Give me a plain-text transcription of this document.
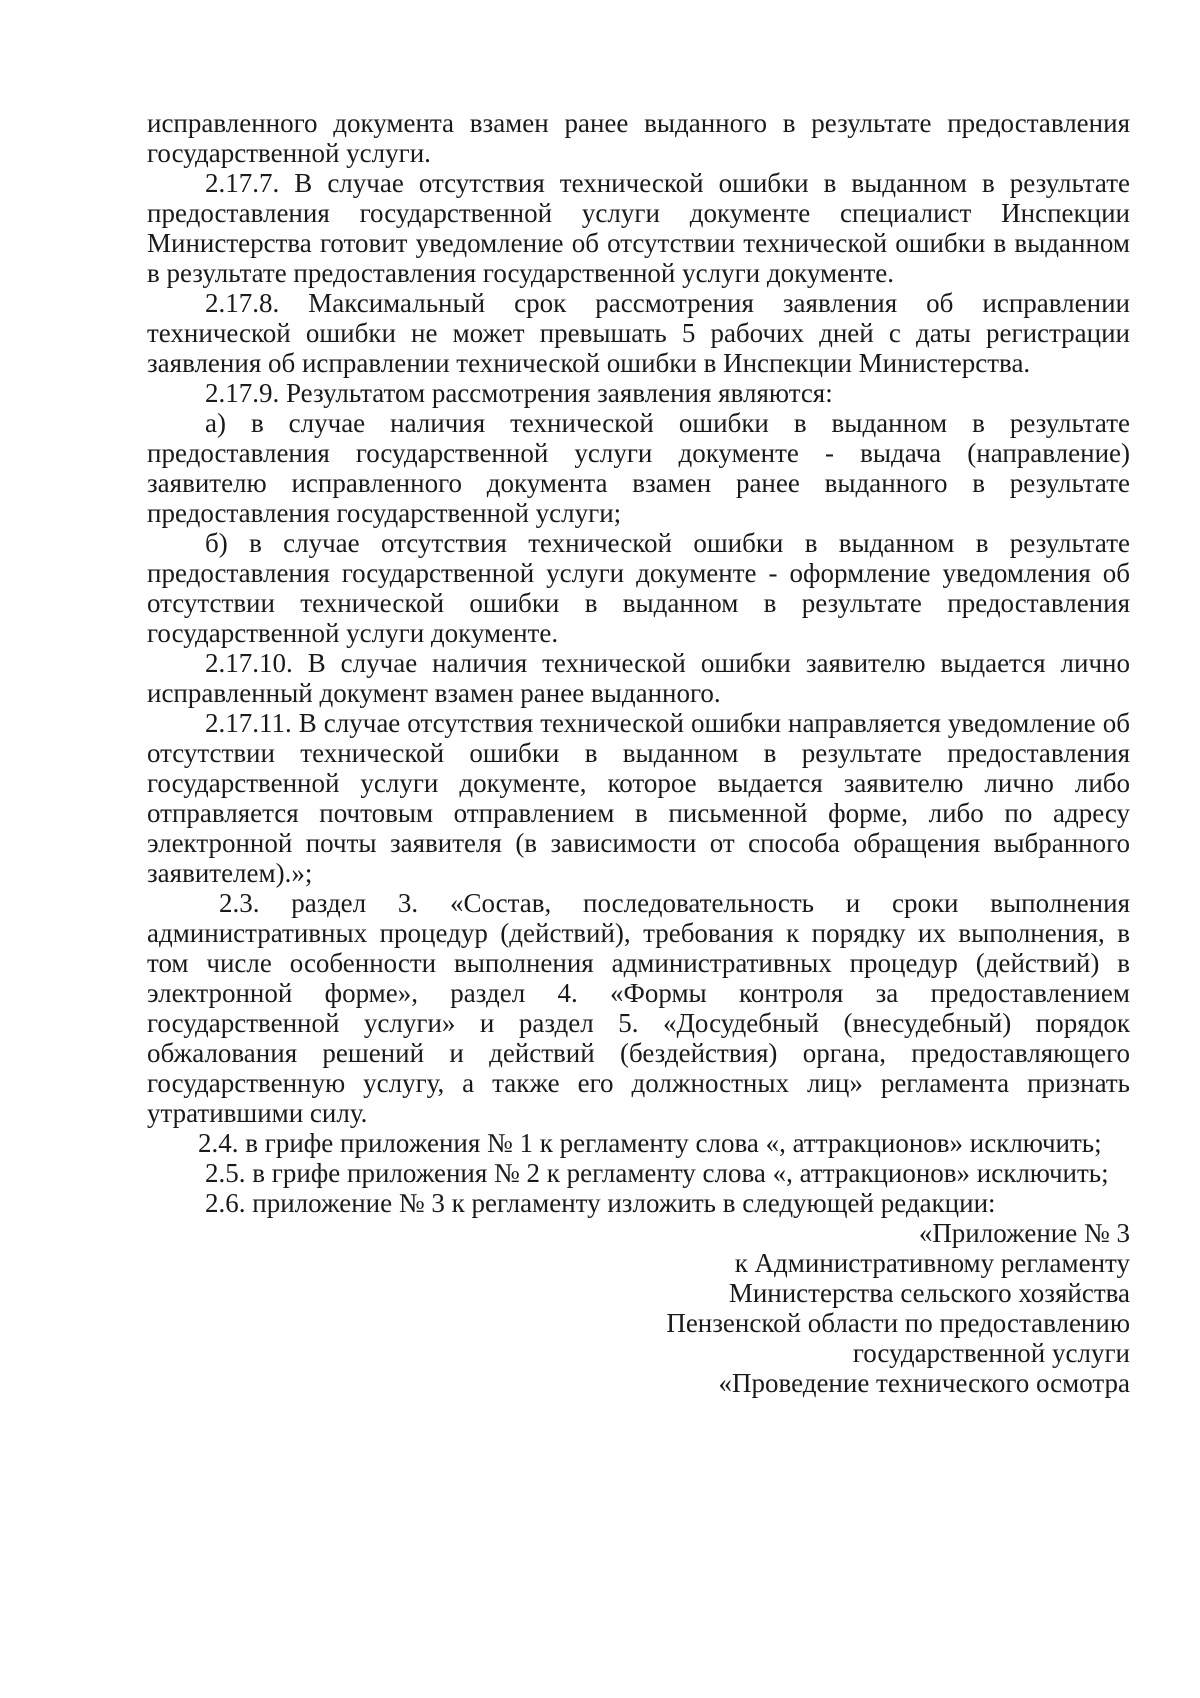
исправленного документа взамен ранее выданного в результате предоставления государственной услуги.

2.17.7. В случае отсутствия технической ошибки в выданном в результате предоставления государственной услуги документе специалист Инспекции Министерства готовит уведомление об отсутствии технической ошибки в выданном в результате предоставления государственной услуги документе.

2.17.8. Максимальный срок рассмотрения заявления об исправлении технической ошибки не может превышать 5 рабочих дней с даты регистрации заявления об исправлении технической ошибки в Инспекции Министерства.

2.17.9. Результатом рассмотрения заявления являются:

а) в случае наличия технической ошибки в выданном в результате предоставления государственной услуги документе - выдача (направление) заявителю исправленного документа взамен ранее выданного в результате предоставления государственной услуги;

б) в случае отсутствия технической ошибки в выданном в результате предоставления государственной услуги документе - оформление уведомления об отсутствии технической ошибки в выданном в результате предоставления государственной услуги документе.

2.17.10. В случае наличия технической ошибки заявителю выдается лично исправленный документ взамен ранее выданного.

2.17.11. В случае отсутствия технической ошибки направляется уведомление об отсутствии технической ошибки в выданном в результате предоставления государственной услуги документе, которое выдается заявителю лично либо отправляется почтовым отправлением в письменной форме, либо по адресу электронной почты заявителя (в зависимости от способа обращения выбранного заявителем).»;

2.3. раздел 3. «Состав, последовательность и сроки выполнения административных процедур (действий), требования к порядку их выполнения, в том числе особенности выполнения административных процедур (действий) в электронной форме», раздел 4. «Формы контроля за предоставлением государственной услуги» и раздел 5. «Досудебный (внесудебный) порядок обжалования решений и действий (бездействия) органа, предоставляющего государственную услугу, а также его должностных лиц» регламента признать утратившими силу.

2.4. в грифе приложения № 1 к регламенту слова «, аттракционов» исключить;

2.5. в грифе приложения № 2 к регламенту слова «, аттракционов» исключить;

2.6. приложение № 3 к регламенту изложить в следующей редакции:

«Приложение № 3

к Административному регламенту

Министерства сельского хозяйства

Пензенской области по предоставлению

государственной услуги

«Проведение технического осмотра
